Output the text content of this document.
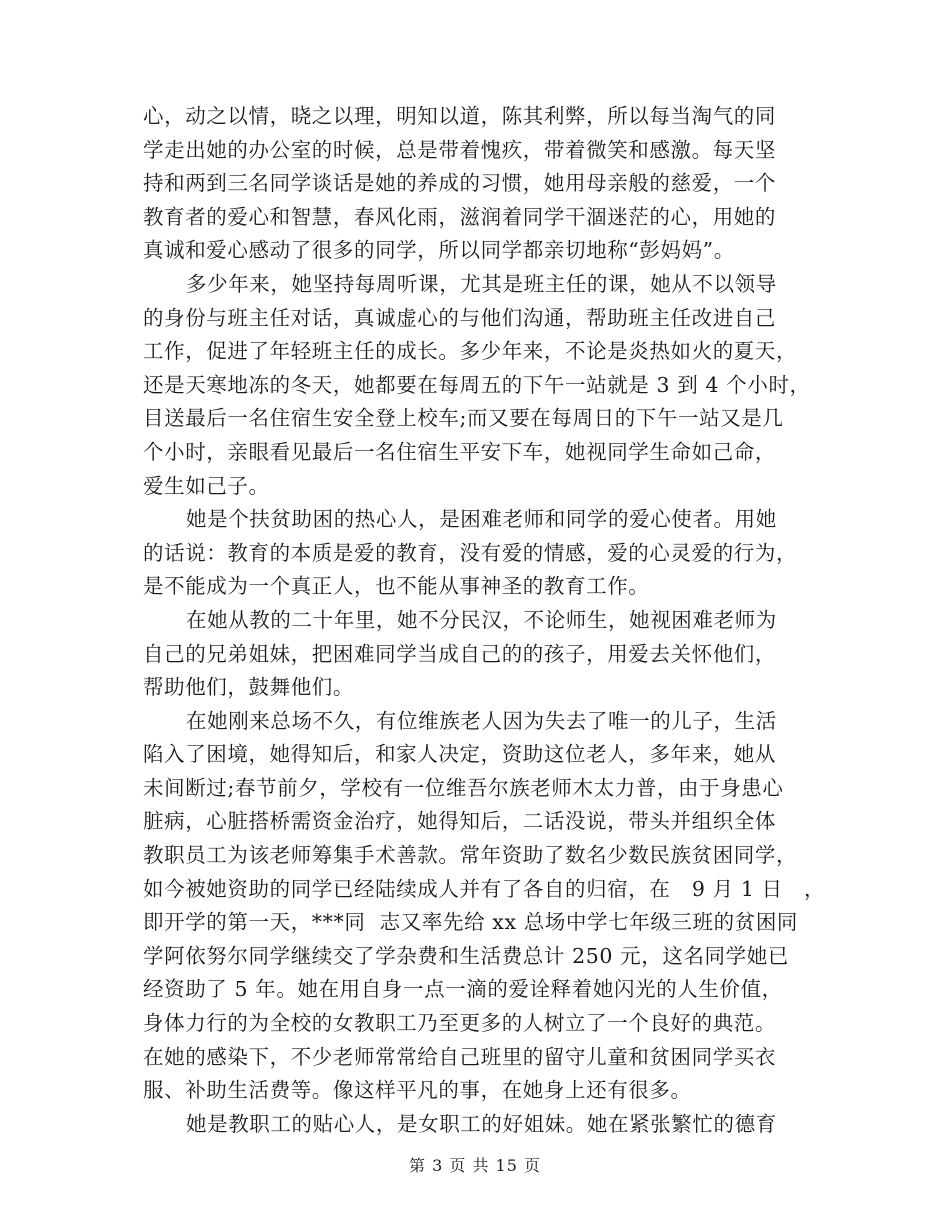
心，动之以情，晓之以理，明知以道，陈其利弊，所以每当淘气的同
学走出她的办公室的时候，总是带着愧疚，带着微笑和感激。每天坚
持和两到三名同学谈话是她的养成的习惯，她用母亲般的慈爱，一个
教育者的爱心和智慧，春风化雨，滋润着同学干涸迷茫的心，用她的
真诚和爱心感动了很多的同学，所以同学都亲切地称“彭妈妈”。
多少年来，她坚持每周听课，尤其是班主任的课，她从不以领导
的身份与班主任对话，真诚虚心的与他们沟通，帮助班主任改进自己
工作，促进了年轻班主任的成长。多少年来，不论是炎热如火的夏天，
还是天寒地冻的冬天，她都要在每周五的下午一站就是 3 到 4 个小时，
目送最后一名住宿生安全登上校车;而又要在每周日的下午一站又是几
个小时，亲眼看见最后一名住宿生平安下车，她视同学生命如己命，
爱生如己子。
她是个扶贫助困的热心人，是困难老师和同学的爱心使者。用她
的话说：教育的本质是爱的教育，没有爱的情感，爱的心灵爱的行为，
是不能成为一个真正人，也不能从事神圣的教育工作。
在她从教的二十年里，她不分民汉，不论师生，她视困难老师为
自己的兄弟姐妹，把困难同学当成自己的的孩子，用爱去关怀他们，
帮助他们，鼓舞他们。
在她刚来总场不久，有位维族老人因为失去了唯一的儿子，生活
陷入了困境，她得知后，和家人决定，资助这位老人，多年来，她从
未间断过;春节前夕，学校有一位维吾尔族老师木太力普，由于身患心
脏病，心脏搭桥需资金治疗，她得知后，二话没说，带头并组织全体
教职员工为该老师筹集手术善款。常年资助了数名少数民族贫困同学，
如今被她资助的同学已经陆续成人并有了各自的归宿，在   9 月 1 日   ，
即开学的第一天，***同  志又率先给 xx 总场中学七年级三班的贫困同
学阿依努尔同学继续交了学杂费和生活费总计 250 元，这名同学她已
经资助了 5 年。她在用自身一点一滴的爱诠释着她闪光的人生价值，
身体力行的为全校的女教职工乃至更多的人树立了一个良好的典范。
在她的感染下，不少老师常常给自己班里的留守儿童和贫困同学买衣
服、补助生活费等。像这样平凡的事，在她身上还有很多。
她是教职工的贴心人，是女职工的好姐妹。她在紧张繁忙的德育
第 3 页 共 15 页
